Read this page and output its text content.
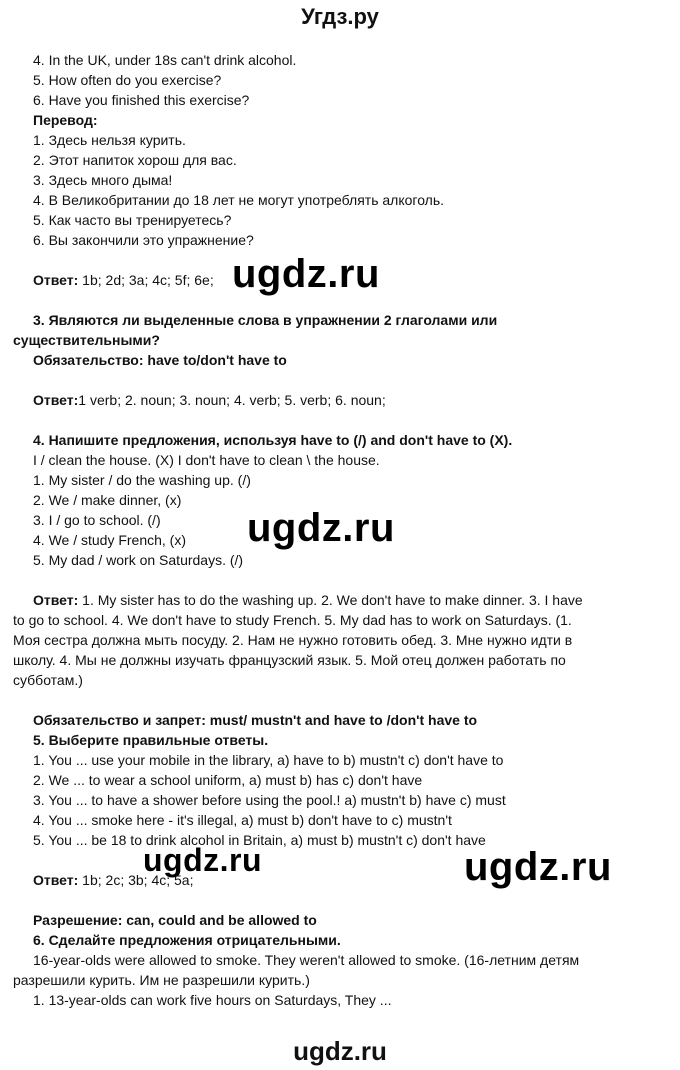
Угдз.ру
4. In the UK, under 18s can't drink alcohol.
5. How often do you exercise?
6. Have you finished this exercise?
Перевод:
1. Здесь нельзя курить.
2. Этот напиток хорош для вас.
3. Здесь много дыма!
4. В Великобритании до 18 лет не могут употреблять алкоголь.
5. Как часто вы тренируетесь?
6. Вы закончили это упражнение?
Ответ: 1b; 2d; 3a; 4c; 5f; 6e;
3. Являются ли выделенные слова в упражнении 2 глаголами или
существительными?
Обязательство: have to/don't have to
Ответ:1 verb; 2. noun; 3. noun; 4. verb; 5. verb; 6. noun;
4. Напишите предложения, используя have to (/) and don't have to (X).
I / clean the house. (X) I don't have to clean \ the house.
1. My sister / do the washing up. (/)
2. We / make dinner, (x)
3. I / go to school. (/)
4. We / study French, (x)
5. My dad / work on Saturdays. (/)
Ответ: 1. My sister has to do the washing up. 2. We don't have to make dinner. 3. I have
to go to school. 4. We don't have to study French. 5. My dad has to work on Saturdays. (1.
Моя сестра должна мыть посуду. 2. Нам не нужно готовить обед. 3. Мне нужно идти в
школу. 4. Мы не должны изучать французский язык. 5. Мой отец должен работать по
субботам.)
Обязательство и запрет: must/ mustn't and have to /don't have to
5. Выберите правильные ответы.
1. You ... use your mobile in the library, a) have to b) mustn't c) don't have to
2. We ... to wear a school uniform, a) must b) has c) don't have
3. You ... to have a shower before using the pool.! a) mustn't b) have c) must
4. You ... smoke here - it's illegal, a) must b) don't have to c) mustn't
5. You ... be 18 to drink alcohol in Britain, a) must b) mustn't c) don't have
Ответ: 1b; 2c; 3b; 4c; 5a;
Разрешение: can, could and be allowed to
6. Сделайте предложения отрицательными.
16-year-olds were allowed to smoke. They weren't allowed to smoke. (16-летним детям
разрешили курить. Им не разрешили курить.)
1. 13-year-olds can work five hours on Saturdays, They ...
ugdz.ru
ugdz.ru
ugdz.ru	ugdz.ru
ugdz.ru
